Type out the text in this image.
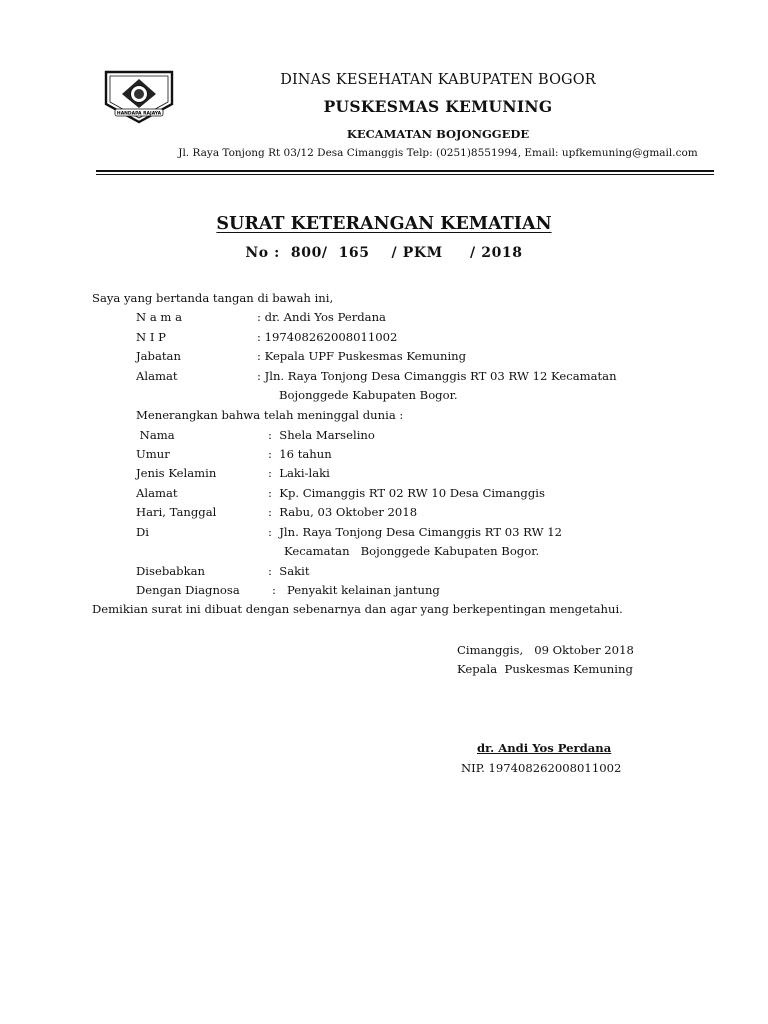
HANDAPA RAJAYA
DINAS KESEHATAN KABUPATEN BOGOR
PUSKESMAS KEMUNING
KECAMATAN BOJONGGEDE
Jl. Raya Tonjong Rt 03/12 Desa Cimanggis Telp: (0251)8551994, Email: upfkemuning@gmail.com
SURAT KETERANGAN KEMATIAN
No :  800/  165    / PKM     / 2018
Saya yang bertanda tangan di bawah ini,
N a m a	: dr. Andi Yos Perdana
N I P	: 197408262008011002
Jabatan	: Kepala UPF Puskesmas Kemuning
Alamat	: Jln. Raya Tonjong Desa Cimanggis RT 03 RW 12 Kecamatan
Bojonggede Kabupaten Bogor.
Menerangkan bahwa telah meninggal dunia :
Nama	:  Shela Marselino
Umur	:  16 tahun
Jenis Kelamin	:  Laki-laki
Alamat	:  Kp. Cimanggis RT 02 RW 10 Desa Cimanggis
Hari, Tanggal	:  Rabu, 03 Oktober 2018
Di	:  Jln. Raya Tonjong Desa Cimanggis RT 03 RW 12
Kecamatan   Bojonggede Kabupaten Bogor.
Disebabkan	:  Sakit
Dengan Diagnosa	:   Penyakit kelainan jantung
Demikian surat ini dibuat dengan sebenarnya dan agar yang berkepentingan mengetahui.
Cimanggis,   09 Oktober 2018
Kepala  Puskesmas Kemuning
dr. Andi Yos Perdana
NIP. 197408262008011002
